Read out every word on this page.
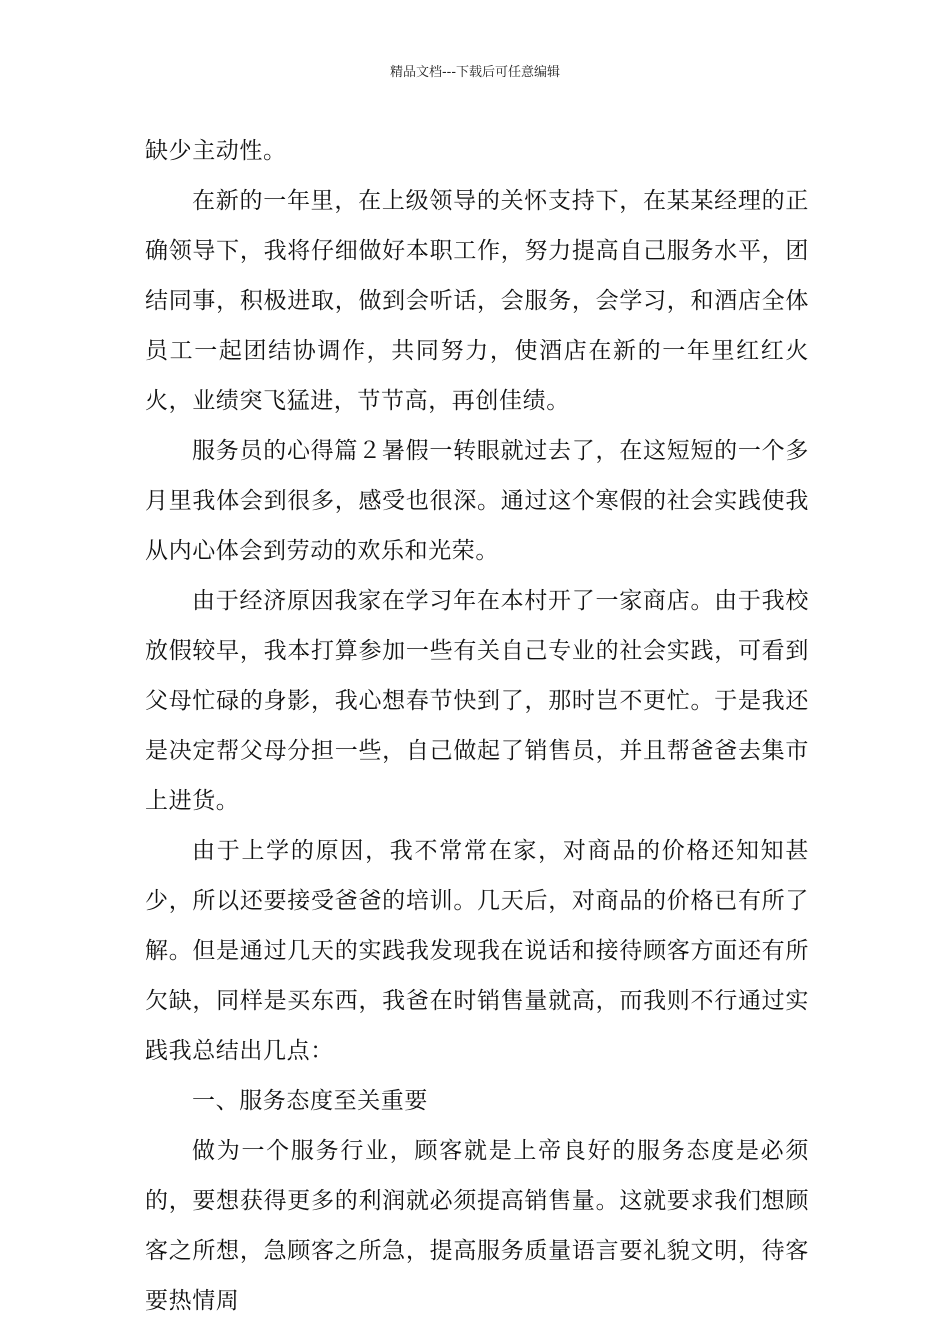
精品文档---下载后可任意编辑

缺少主动性。

在新的一年里，在上级领导的关怀支持下，在某某经理的正确领导下，我将仔细做好本职工作，努力提高自己服务水平，团结同事，积极进取，做到会听话，会服务，会学习，和酒店全体员工一起团结协调作，共同努力，使酒店在新的一年里红红火火，业绩突飞猛进，节节高，再创佳绩。

服务员的心得篇２暑假一转眼就过去了，在这短短的一个多月里我体会到很多，感受也很深。通过这个寒假的社会实践使我从内心体会到劳动的欢乐和光荣。

由于经济原因我家在学习年在本村开了一家商店。由于我校放假较早，我本打算参加一些有关自己专业的社会实践，可看到父母忙碌的身影，我心想春节快到了，那时岂不更忙。于是我还是决定帮父母分担一些，自己做起了销售员，并且帮爸爸去集市上进货。

由于上学的原因，我不常常在家，对商品的价格还知知甚少，所以还要接受爸爸的培训。几天后，对商品的价格已有所了解。但是通过几天的实践我发现我在说话和接待顾客方面还有所欠缺，同样是买东西，我爸在时销售量就高，而我则不行通过实践我总结出几点：

一、服务态度至关重要

做为一个服务行业，顾客就是上帝良好的服务态度是必须的，要想获得更多的利润就必须提高销售量。这就要求我们想顾客之所想，急顾客之所急，提高服务质量语言要礼貌文明，待客要热情周
